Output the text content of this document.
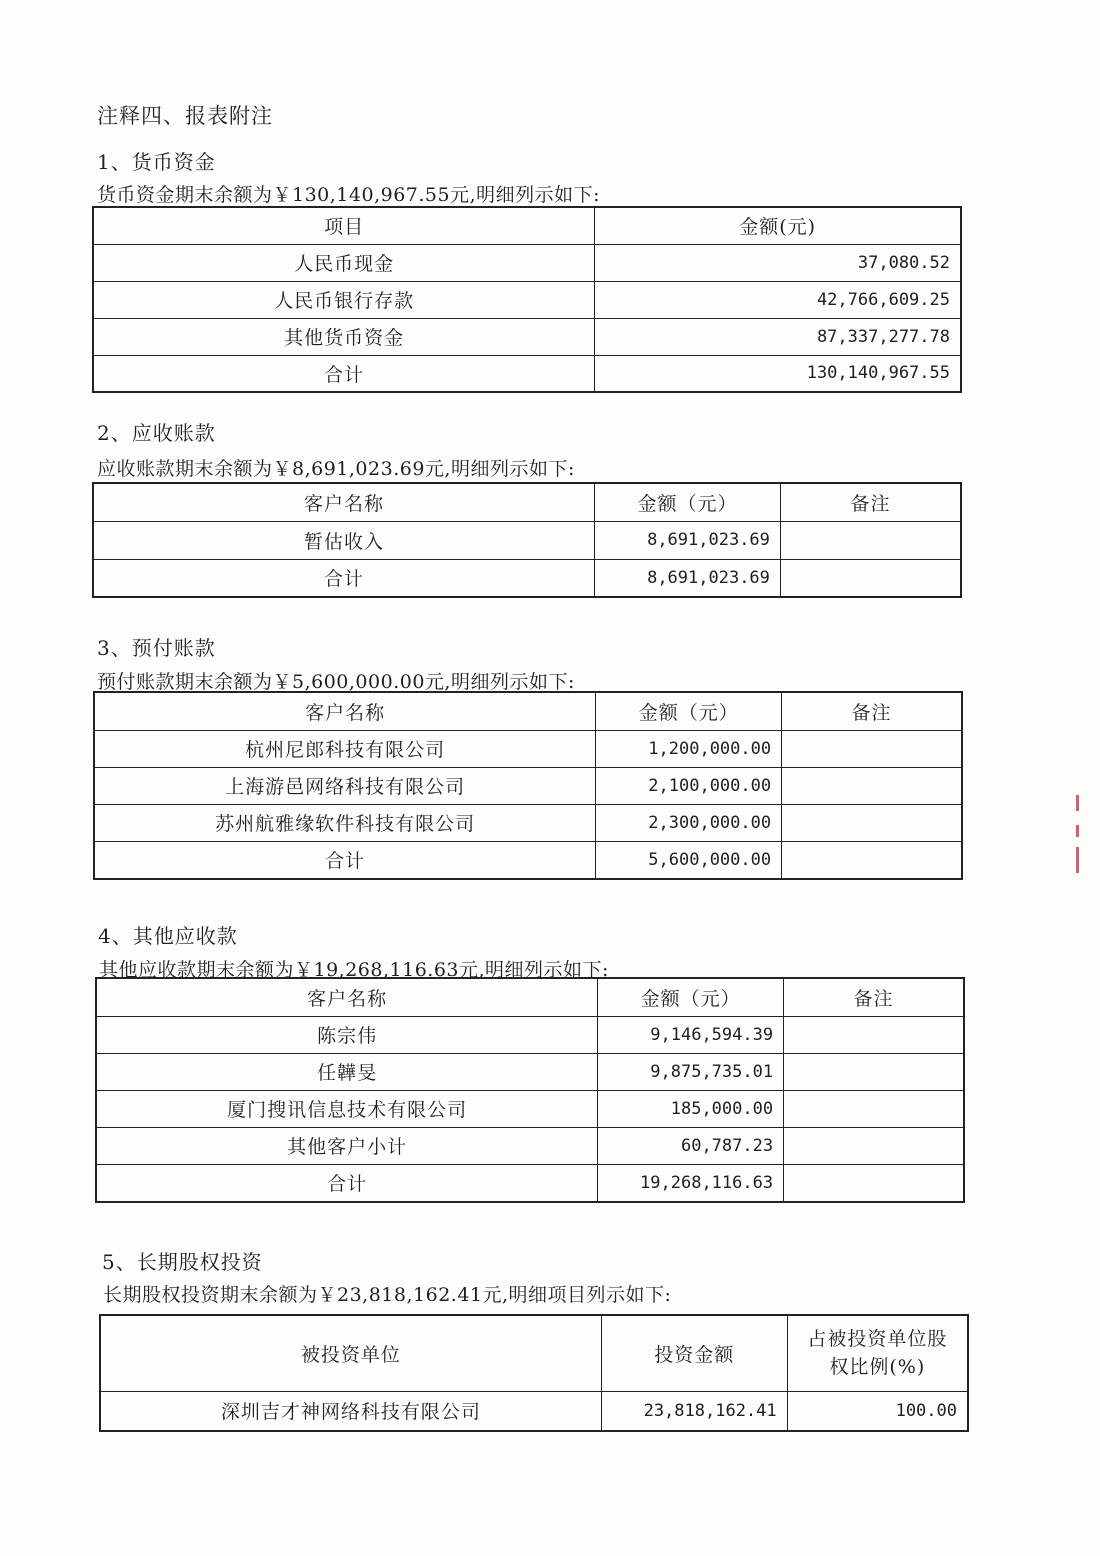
注释四、报表附注
1、货币资金
货币资金期末余额为￥130,140,967.55元,明细列示如下:
项目	金额(元)
人民币现金	37,080.52
人民币银行存款	42,766,609.25
其他货币资金	87,337,277.78
合计	130,140,967.55
2、应收账款
应收账款期末余额为￥8,691,023.69元,明细列示如下:
客户名称	金额（元）	备注
暂估收入	8,691,023.69	
合计	8,691,023.69	
3、预付账款
预付账款期末余额为￥5,600,000.00元,明细列示如下:
客户名称	金额（元）	备注
杭州尼郎科技有限公司	1,200,000.00	
上海游邑网络科技有限公司	2,100,000.00	
苏州航雅缘软件科技有限公司	2,300,000.00	
合计	5,600,000.00	
4、其他应收款
其他应收款期末余额为￥19,268,116.63元,明细列示如下:
客户名称	金额（元）	备注
陈宗伟	9,146,594.39	
任韡旻	9,875,735.01	
厦门搜讯信息技术有限公司	185,000.00	
其他客户小计	60,787.23	
合计	19,268,116.63	
5、长期股权投资
长期股权投资期末余额为￥23,818,162.41元,明细项目列示如下:
被投资单位	投资金额	占被投资单位股
权比例(%)

深圳吉才神网络科技有限公司	23,818,162.41	100.00
